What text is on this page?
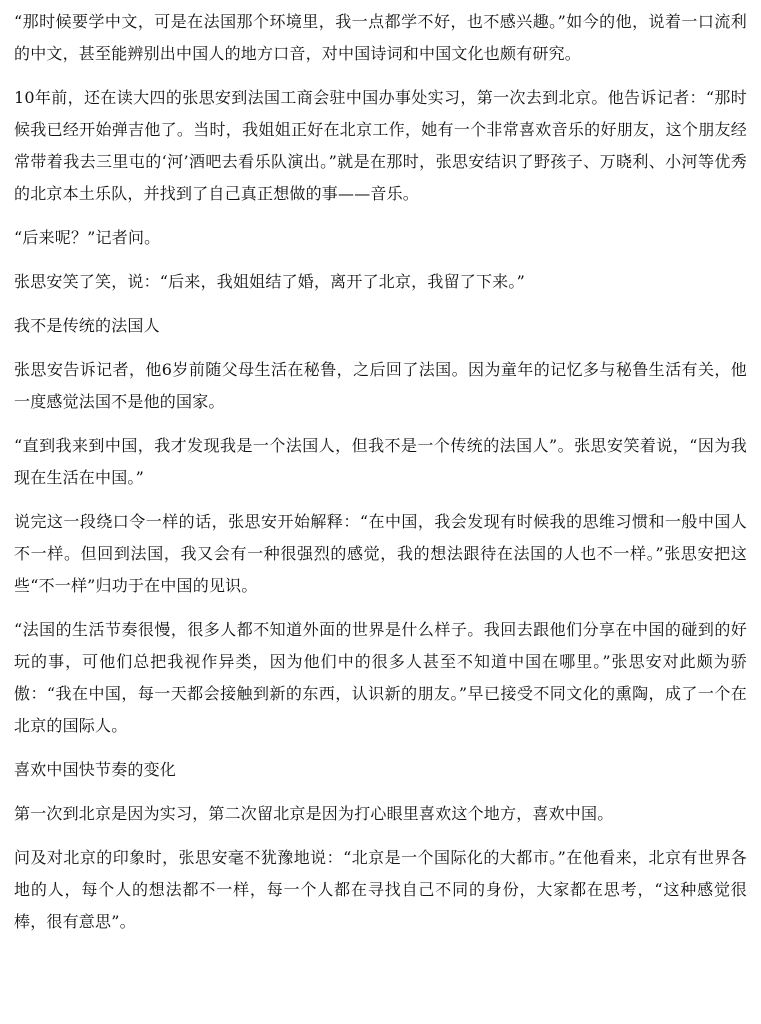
“那时候要学中文，可是在法国那个环境里，我一点都学不好，也不感兴趣。”如今的他，说着一口流利的中文，甚至能辨别出中国人的地方口音，对中国诗词和中国文化也颇有研究。

10年前，还在读大四的张思安到法国工商会驻中国办事处实习，第一次去到北京。他告诉记者：“那时候我已经开始弹吉他了。当时，我姐姐正好在北京工作，她有一个非常喜欢音乐的好朋友，这个朋友经常带着我去三里屯的‘河’酒吧去看乐队演出。”就是在那时，张思安结识了野孩子、万晓利、小河等优秀的北京本土乐队，并找到了自己真正想做的事——音乐。

“后来呢？”记者问。

张思安笑了笑，说：“后来，我姐姐结了婚，离开了北京，我留了下来。”

我不是传统的法国人

张思安告诉记者，他6岁前随父母生活在秘鲁，之后回了法国。因为童年的记忆多与秘鲁生活有关，他一度感觉法国不是他的国家。

“直到我来到中国，我才发现我是一个法国人，但我不是一个传统的法国人”。张思安笑着说，“因为我现在生活在中国。”

说完这一段绕口令一样的话，张思安开始解释：“在中国，我会发现有时候我的思维习惯和一般中国人不一样。但回到法国，我又会有一种很强烈的感觉，我的想法跟待在法国的人也不一样。”张思安把这些“不一样”归功于在中国的见识。

“法国的生活节奏很慢，很多人都不知道外面的世界是什么样子。我回去跟他们分享在中国的碰到的好玩的事，可他们总把我视作异类，因为他们中的很多人甚至不知道中国在哪里。”张思安对此颇为骄傲：“我在中国，每一天都会接触到新的东西，认识新的朋友。”早已接受不同文化的熏陶，成了一个在北京的国际人。

喜欢中国快节奏的变化

第一次到北京是因为实习，第二次留北京是因为打心眼里喜欢这个地方，喜欢中国。

问及对北京的印象时，张思安毫不犹豫地说：“北京是一个国际化的大都市。”在他看来，北京有世界各地的人，每个人的想法都不一样，每一个人都在寻找自己不同的身份，大家都在思考，“这种感觉很棒，很有意思”。
